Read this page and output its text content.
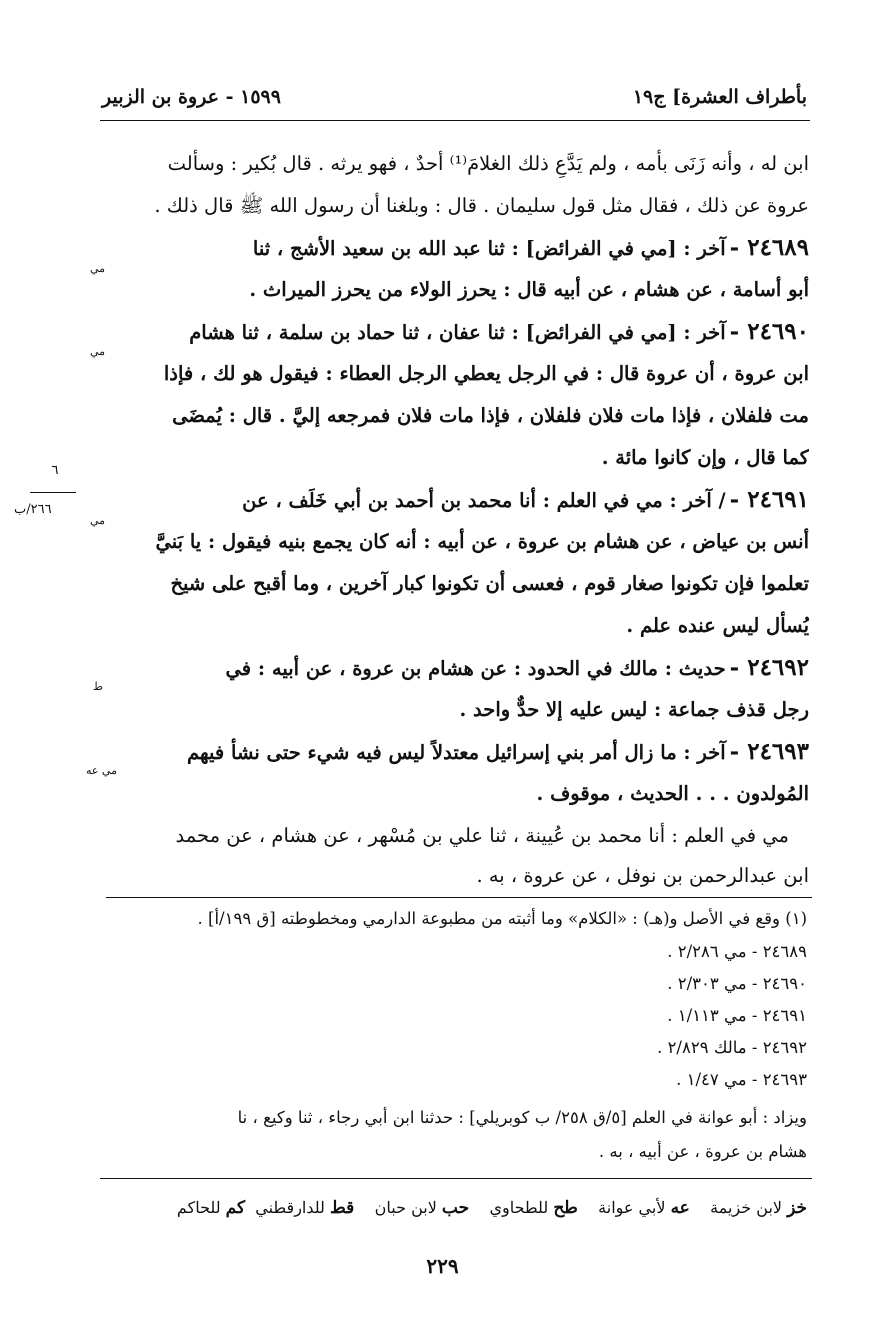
بأطراف العشرة] ج١٩
١٥٩٩ - عروة بن الزبير
ابن له ، وأنه زَنَى بأمه ، ولم يَدَّعِ ذلك الغلامَ⁽¹⁾ أحدٌ ، فهو يرثه . قال بُكير : وسألت
عروة عن ذلك ، فقال مثل قول سليمان . قال : وبلغنا أن رسول الله ﷺ قال ذلك .
٢٤٦٨٩ -آخر : [مي في الفرائض] : ثنا عبد الله بن سعيد الأشج ، ثنا
مي
أبو أسامة ، عن هشام ، عن أبيه قال : يحرز الولاء من يحرز الميراث .
٢٤٦٩٠ -آخر : [مي في الفرائض] : ثنا عفان ، ثنا حماد بن سلمة ، ثنا هشام
مي
ابن عروة ، أن عروة قال : في الرجل يعطي الرجل العطاء : فيقول هو لك ، فإذا
مت فلفلان ، فإذا مات فلان فلفلان ، فإذا مات فلان فمرجعه إليَّ . قال : يُمضَى
كما قال ، وإن كانوا مائة .
٢٤٦٩١ -/ آخر : مي في العلم : أنا محمد بن أحمد بن أبي خَلَف ، عن
مي
أنس بن عياض ، عن هشام بن عروة ، عن أبيه : أنه كان يجمع بنيه فيقول : يا بَنيَّ
تعلموا فإن تكونوا صغار قوم ، فعسى أن تكونوا كبار آخرين ، وما أقبح على شيخ
يُسأل ليس عنده علم .
٢٤٦٩٢ -حديث : مالك في الحدود : عن هشام بن عروة ، عن أبيه : في
ط
رجل قذف جماعة : ليس عليه إلا حدٌّ واحد .
٢٤٦٩٣ -آخر : ما زال أمر بني إسرائيل معتدلاً ليس فيه شيء حتى نشأ فيهم
مي عه
المُولدون . . . الحديث ، موقوف .
مي في العلم : أنا محمد بن عُيينة ، ثنا علي بن مُسْهر ، عن هشام ، عن محمد
ابن عبدالرحمن بن نوفل ، عن عروة ، به .
٦
٢٦٦/ب
(١) وقع في الأصل و(هـ) : «الكلام» وما أثبته من مطبوعة الدارمي ومخطوطته [ق ١٩٩/أ] .
٢٤٦٨٩ - مي ٢/٢٨٦ .
٢٤٦٩٠ - مي ٢/٣٠٣ .
٢٤٦٩١ - مي ١/١١٣ .
٢٤٦٩٢ - مالك ٢/٨٢٩ .
٢٤٦٩٣ - مي ١/٤٧ .
ويزاد : أبو عوانة في العلم [٥/ق ٢٥٨/ ب كوبريلي] : حدثنا ابن أبي رجاء ، ثنا وكيع ، نا
هشام بن عروة ، عن أبيه ، به .
خز لابن خزيمة    عه لأبي عوانة    طح للطحاوي    حب لابن حبان    قط للدارقطني  كم للحاكم
٢٢٩
